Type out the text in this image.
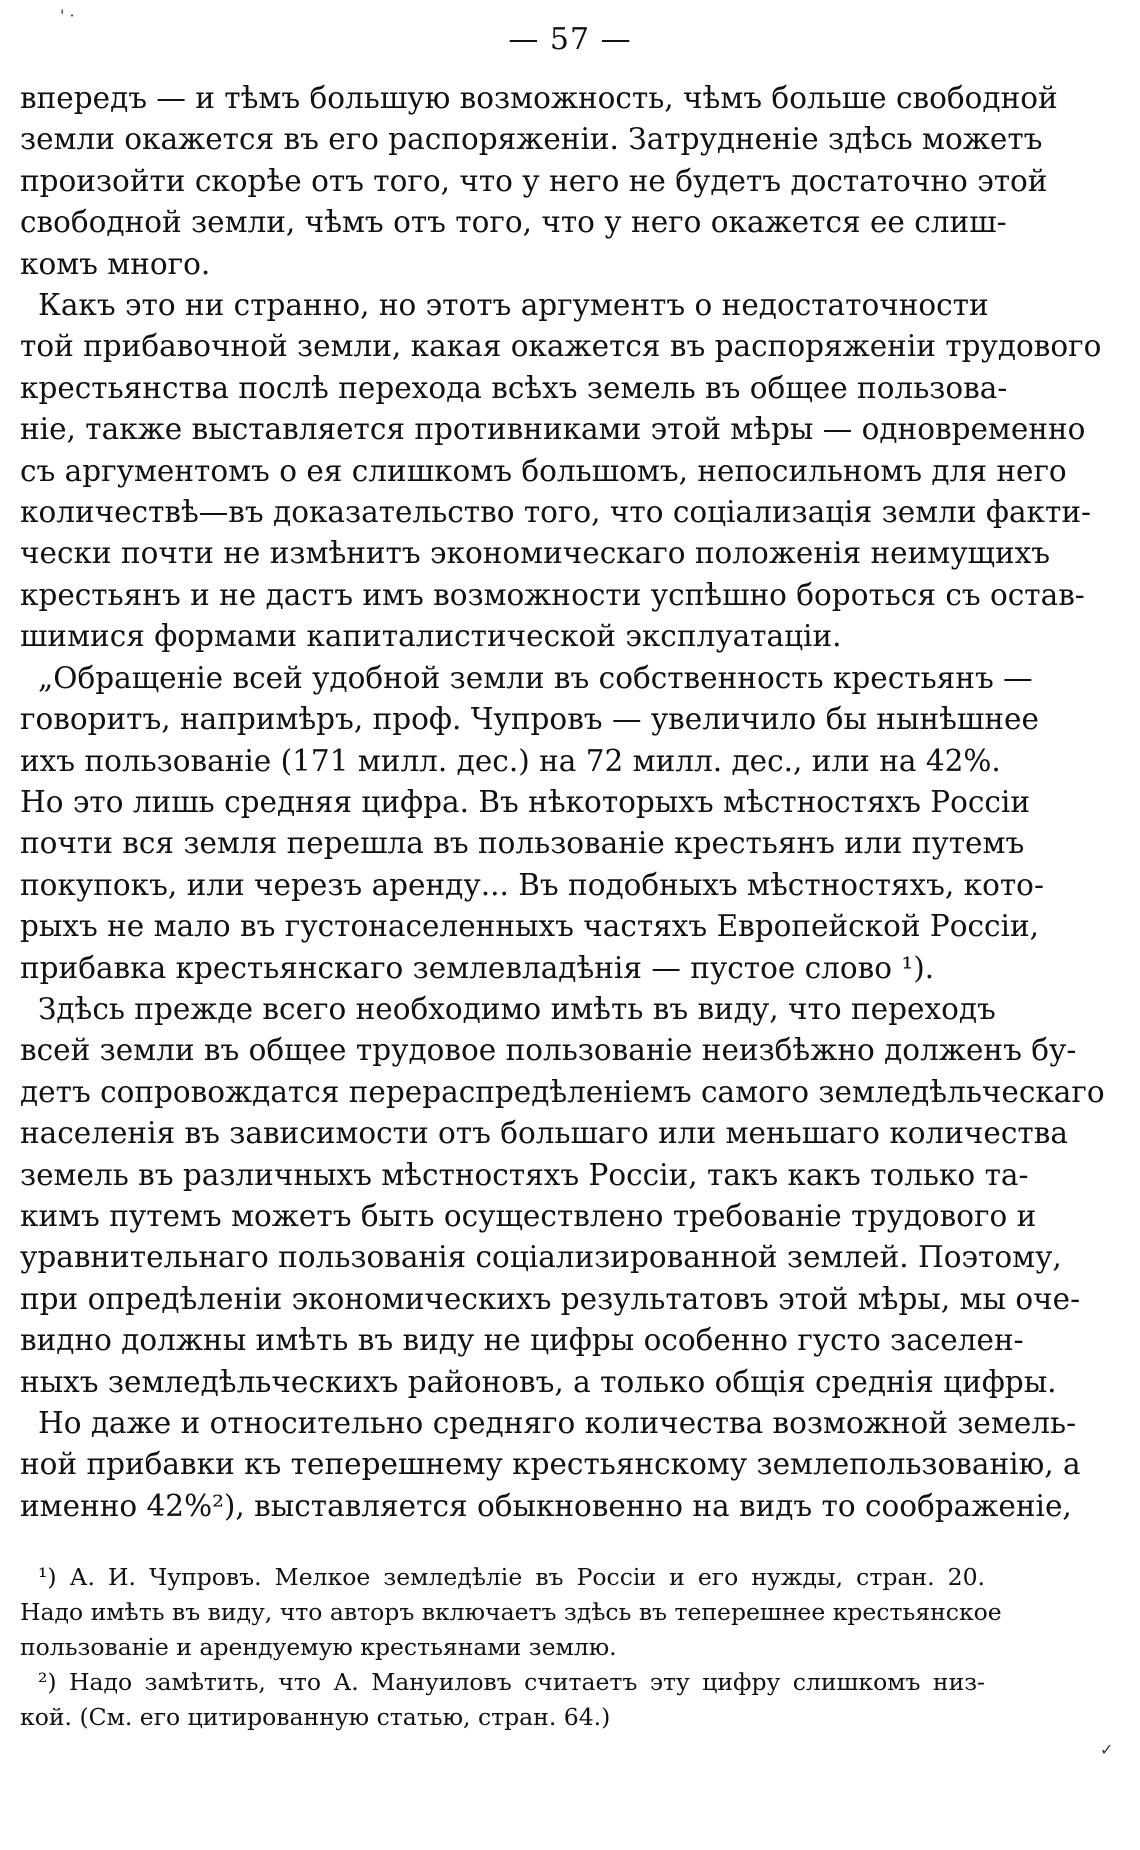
— 57 —
впередъ — и тѣмъ большую возможность, чѣмъ больше свободной
земли окажется въ его распоряженіи. Затрудненіе здѣсь можетъ
произойти скорѣе отъ того, что у него не будетъ достаточно этой
свободной земли, чѣмъ отъ того, что у него окажется ее слиш-
комъ много.
Какъ это ни странно, но этотъ аргументъ о недостаточности
той прибавочной земли, какая окажется въ распоряженіи трудового
крестьянства послѣ перехода всѣхъ земель въ общее пользова-
ніе, также выставляется противниками этой мѣры — одновременно
съ аргументомъ о ея слишкомъ большомъ, непосильномъ для него
количествѣ—въ доказательство того, что соціализація земли факти-
чески почти не измѣнитъ экономическаго положенія неимущихъ
крестьянъ и не дастъ имъ возможности успѣшно бороться съ остав-
шимися формами капиталистической эксплуатаціи.
„Обращеніе всей удобной земли въ собственность крестьянъ —
говоритъ, напримѣръ, проф. Чупровъ — увеличило бы нынѣшнее
ихъ пользованіе (171 милл. дес.) на 72 милл. дес., или на 42%.
Но это лишь средняя цифра. Въ нѣкоторыхъ мѣстностяхъ Россіи
почти вся земля перешла въ пользованіе крестьянъ или путемъ
покупокъ, или черезъ аренду... Въ подобныхъ мѣстностяхъ, кото-
рыхъ не мало въ густонаселенныхъ частяхъ Европейской Россіи,
прибавка крестьянскаго землевладѣнія — пустое слово ¹).
Здѣсь прежде всего необходимо имѣть въ виду, что переходъ
всей земли въ общее трудовое пользованіе неизбѣжно долженъ бу-
детъ сопровождатся перераспредѣленіемъ самого земледѣльческаго
населенія въ зависимости отъ большаго или меньшаго количества
земель въ различныхъ мѣстностяхъ Россіи, такъ какъ только та-
кимъ путемъ можетъ быть осуществлено требованіе трудового и
уравнительнаго пользованія соціализированной землей. Поэтому,
при опредѣленіи экономическихъ результатовъ этой мѣры, мы оче-
видно должны имѣть въ виду не цифры особенно густо заселен-
ныхъ земледѣльческихъ районовъ, а только общія среднія цифры.
Но даже и относительно средняго количества возможной земель-
ной прибавки къ теперешнему крестьянскому землепользованію, а
именно 42%²), выставляется обыкновенно на видъ то соображеніе,
¹) А. И. Чупровъ. Мелкое земледѣліе въ Россіи и его нужды, стран. 20.
Надо имѣть въ виду, что авторъ включаетъ здѣсь въ теперешнее крестьянское
пользованіе и арендуемую крестьянами землю.
²) Надо замѣтить, что А. Мануиловъ считаетъ эту цифру слишкомъ низ-
кой. (См. его цитированную статью, стран. 64.)
' ·
✓
